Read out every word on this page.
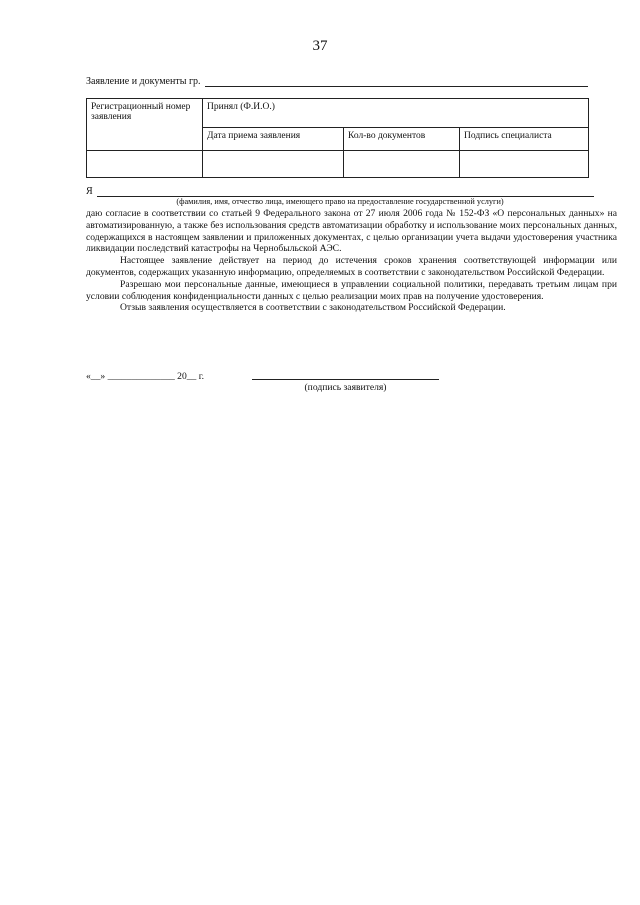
37
Заявление и документы гр.
Регистрационный номер заявления	Принял (Ф.И.О.)		
	Дата приема заявления	Кол-во документов	Подпись специалиста

Я
(фамилия, имя, отчество лица, имеющего право на предоставление государственной услуги)

даю согласие в соответствии со статьей 9 Федерального закона от 27 июля 2006 года № 152-ФЗ «О персональных данных» на автоматизированную, а также без использования средств автоматизации обработку и использование моих персональных данных, содержащихся в настоящем заявлении и приложенных документах, с целью организации учета выдачи удостоверения участника ликвидации последствий катастрофы на Чернобыльской АЭС.

Настоящее заявление действует на период до истечения сроков хранения соответствующей информации или документов, содержащих указанную информацию, определяемых в соответствии с законодательством Российской Федерации.

Разрешаю мои персональные данные, имеющиеся в управлении социальной политики, передавать третьим лицам при условии соблюдения конфиденциальности данных с целью реализации моих прав на получение удостоверения.

Отзыв заявления осуществляется в соответствии с законодательством Российской Федерации.

«__» ______________ 20__ г.
(подпись заявителя)
